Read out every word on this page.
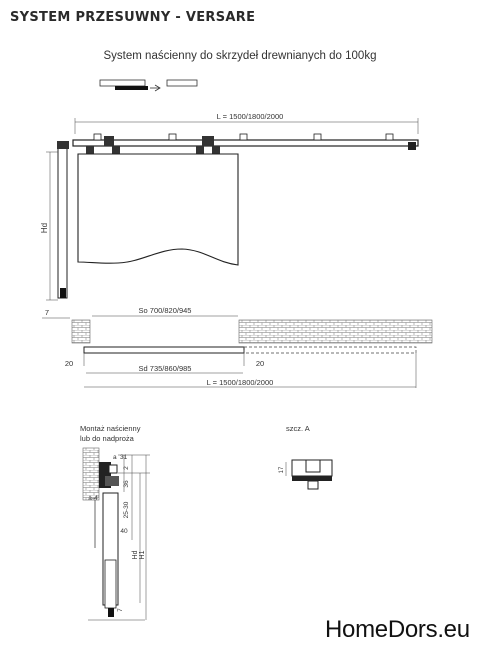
SYSTEM PRZESUWNY - VERSARE
System naścienny do skrzydeł drewnianych do 100kg
L = 1500/1800/2000
Hd
7	So 700/820/945
20	20
Sd 735/860/985
L = 1500/1800/2000
Montaż naścienny
lub do nadproża
a 31
36
2
a-4
25-30
40
Hd H1
7
szcz. A
17
HomeDors.eu
